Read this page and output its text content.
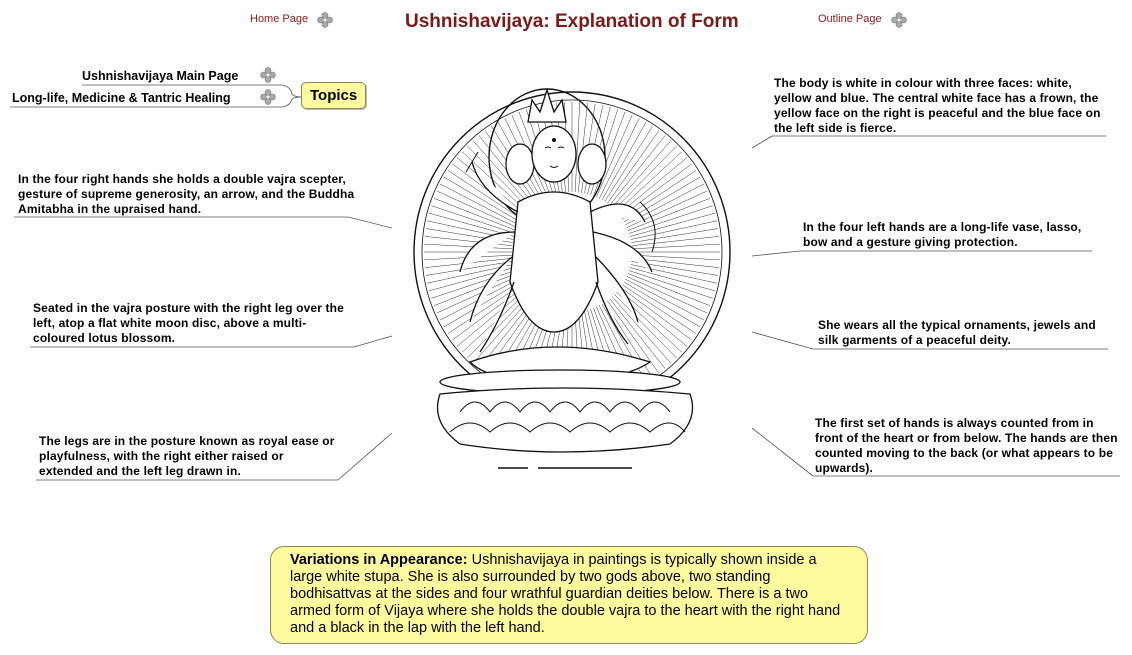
Home Page	Ushnishavijaya: Explanation of Form	Outline Page
Ushnishavijaya Main Page
Long-life, Medicine & Tantric Healing	Topics
In the four right hands she holds a double vajra scepter, gesture of supreme generosity, an arrow, and the Buddha Amitabha in the upraised hand.
Seated in the vajra posture with the right leg over the left, atop a flat white moon disc, above a multi-coloured lotus blossom.
The legs are in the posture known as royal ease or playfulness, with the right either raised or extended and the left leg drawn in.
The body is white in colour with three faces: white, yellow and blue. The central white face has a frown, the yellow face on the right is peaceful and the blue face on the left side is fierce.
In the four left hands are a long-life vase, lasso, bow and a gesture giving protection.
She wears all the typical ornaments, jewels and silk garments of a peaceful deity.
The first set of hands is always counted from in front of the heart or from below. The hands are then counted moving to the back (or what appears to be upwards).
Variations in Appearance: Ushnishavijaya in paintings is typically shown inside a large white stupa. She is also surrounded by two gods above, two standing bodhisattvas at the sides and four wrathful guardian deities below. There is a two armed form of Vijaya where she holds the double vajra to the heart with the right hand and a black in the lap with the left hand.
